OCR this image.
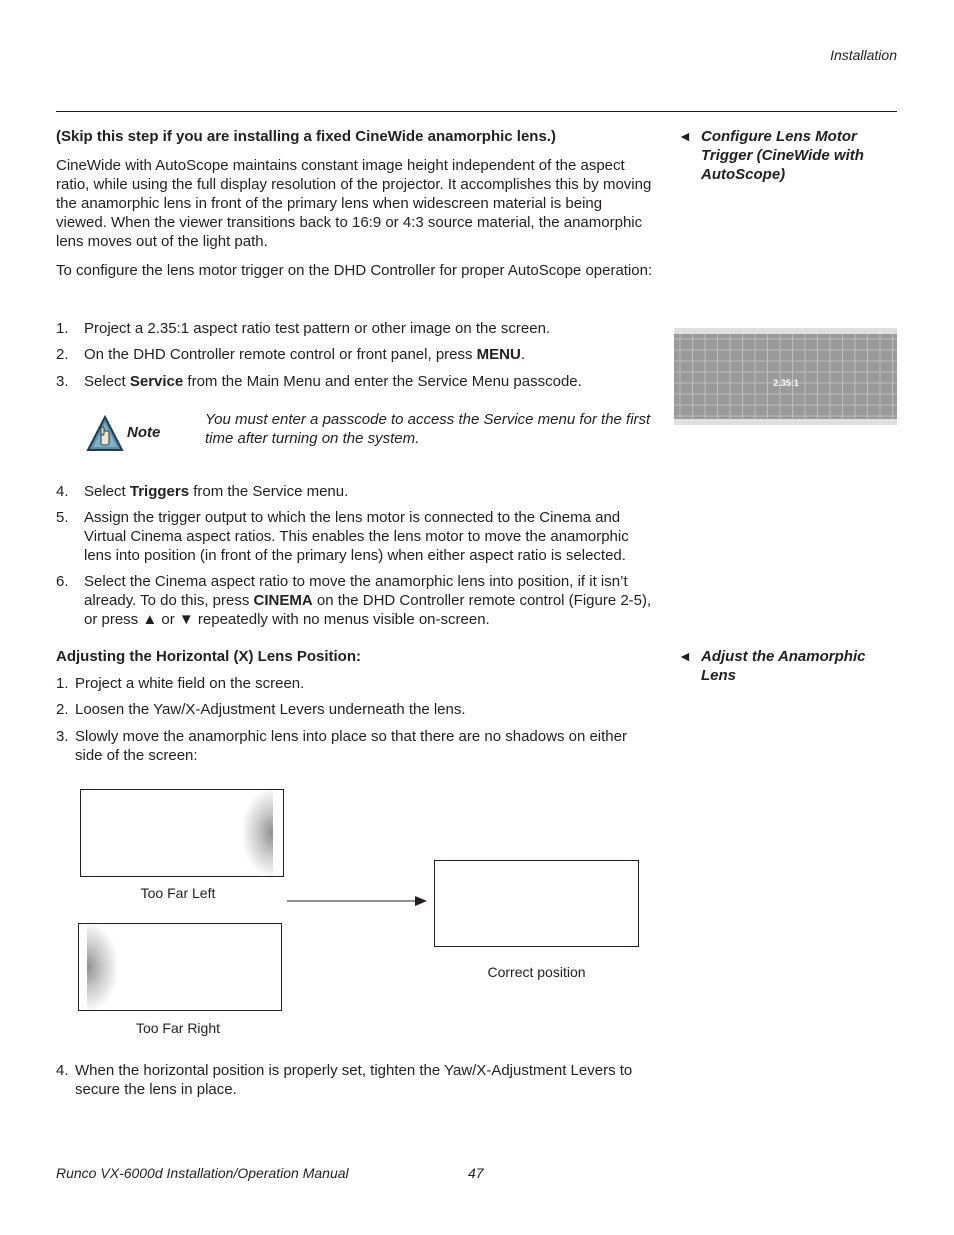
Installation
◄ Configure Lens Motor
Trigger (CineWide with
AutoScope)
◄ Adjust the Anamorphic
Lens
2.35:1
(Skip this step if you are installing a fixed CineWide anamorphic lens.)
CineWide with AutoScope maintains constant image height independent of the aspect ratio, while using the full display resolution of the projector. It accomplishes this by moving the anamorphic lens in front of the primary lens when widescreen material is being viewed. When the viewer transitions back to 16:9 or 4:3 source material, the anamorphic lens moves out of the light path.
To configure the lens motor trigger on the DHD Controller for proper AutoScope operation:
1. Project a 2.35:1 aspect ratio test pattern or other image on the screen.
2. On the DHD Controller remote control or front panel, press MENU.
3. Select Service from the Main Menu and enter the Service Menu passcode.
Note
You must enter a passcode to access the Service menu for the first time after turning on the system.
4. Select Triggers from the Service menu.
5. Assign the trigger output to which the lens motor is connected to the Cinema and Virtual Cinema aspect ratios. This enables the lens motor to move the anamorphic lens into position (in front of the primary lens) when either aspect ratio is selected.
6. Select the Cinema aspect ratio to move the anamorphic lens into position, if it isn’t already. To do this, press CINEMA on the DHD Controller remote control (Figure 2-5), or press ▲ or ▼ repeatedly with no menus visible on-screen.
Adjusting the Horizontal (X) Lens Position:
1. Project a white field on the screen.
2. Loosen the Yaw/X-Adjustment Levers underneath the lens.
3. Slowly move the anamorphic lens into place so that there are no shadows on either side of the screen:
Too Far Left
Too Far Right
Correct position
4. When the horizontal position is properly set, tighten the Yaw/X-Adjustment Levers to secure the lens in place.
Runco VX-6000d Installation/Operation Manual	47
